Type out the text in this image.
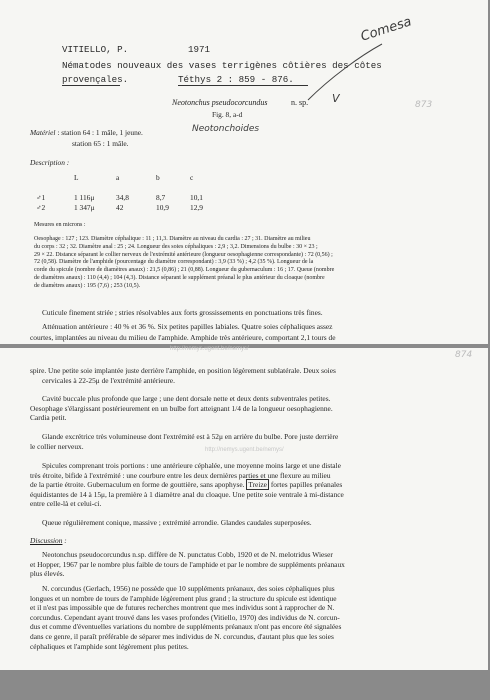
Comesa
VITIELLO, P.	1971
Nématodes nouveaux des vases terrigènes côtières des côtes
provençales.	Téthys 2 : 859 - 876.
Neotonchus pseudocorcundus	n. sp. V	873
Fig. 8, a-d
Matériel : station 64 : 1 mâle, 1 jeune.	Neotonchoides
station 65 : 1 mâle.
Description :
	L	a	b	c

♂1	1 116μ	34,8	8,7	10,1
♂2	1 347μ	42	10,9	12,9
Mesures en microns :
Oesophage : 127 ; 123. Diamètre céphalique : 11 ; 11,3. Diamètre au niveau du cardia : 27 ; 31. Diamètre au milieu
du corps : 32 ; 32. Diamètre anal : 25 ; 24. Longueur des soies céphaliques : 2,9 ; 3,2. Dimensions du bulbe : 30 × 23 ;
29 × 22. Distance séparant le collier nerveux de l'extrémité antérieure (longueur oesophagienne correspondante) : 72 (0,56) ;
72 (0,58). Diamètre de l'amphide (pourcentage du diamètre correspondant) : 3,9 (33 %) ; 4,2 (35 %). Longueur de la
corde du spicule (nombre de diamètres anaux) : 21,5 (0,86) ; 21 (0,88). Longueur du gubernaculum : 16 ; 17. Queue (nombre
de diamètres anaux) : 110 (4,4) ; 104 (4,3). Distance séparant le supplément préanal le plus antérieur du cloaque (nombre
de diamètres anaux) : 195 (7,6) ; 253 (10,5).
Cuticule finement striée ; stries résolvables aux forts grossissements en ponctuations très fines.
Atténuation antérieure : 40 % et 36 %. Six petites papilles labiales. Quatre soies céphaliques assez
courtes, implantées au niveau du milieu de l'amphide. Amphide très antérieure, comportant 2,1 tours de
http://nemys.ugent.be/nemys/
874
spire. Une petite soie implantée juste derrière l'amphide, en position légèrement sublatérale. Deux soies
cervicales à 22-25μ de l'extrémité antérieure.
Cavité buccale plus profonde que large ; une dent dorsale nette et deux dents subventrales petites.
Oesophage s'élargissant postérieurement en un bulbe fort atteignant 1/4 de la longueur oesophagienne.
Cardia petit.
Glande excrétrice très volumineuse dont l'extrémité est à 52μ en arrière du bulbe. Pore juste derrière
le collier nerveux.	http://nemys.ugent.be/nemys/
Spicules comprenant trois portions : une antérieure céphalée, une moyenne moins large et une distale
très étroite, bifide à l'extrémité : une courbure entre les deux dernières parties et une flexure au milieu
de la partie étroite. Gubernaculum en forme de gouttière, sans apophyse. Treize fortes papilles préanales
équidistantes de 14 à 15μ, la première à 1 diamètre anal du cloaque. Une petite soie ventrale à mi-distance
entre celle-là et celui-ci.
Queue régulièrement conique, massive ; extrémité arrondie. Glandes caudales superposées.
Discussion :
Neotonchus pseudocorcundus n.sp. diffère de N. punctatus Cobb, 1920 et de N. melotridus Wieser
et Hopper, 1967 par le nombre plus faible de tours de l'amphide et par le nombre de suppléments préanaux
plus élevés.
N. corcundus (Gerlach, 1956) ne possède que 10 suppléments préanaux, des soies céphaliques plus
longues et un nombre de tours de l'amphide légèrement plus grand ; la structure du spicule est identique
et il n'est pas impossible que de futures recherches montrent que mes individus sont à rapprocher de N.
corcundus. Cependant ayant trouvé dans les vases profondes (Vitiello, 1970) des individus de N. corcun-
dus et comme d'éventuelles variations du nombre de suppléments préanaux n'ont pas encore été signalées
dans ce genre, il paraît préférable de séparer mes individus de N. corcundus, d'autant plus que les soies
céphaliques et l'amphide sont légèrement plus petites.
